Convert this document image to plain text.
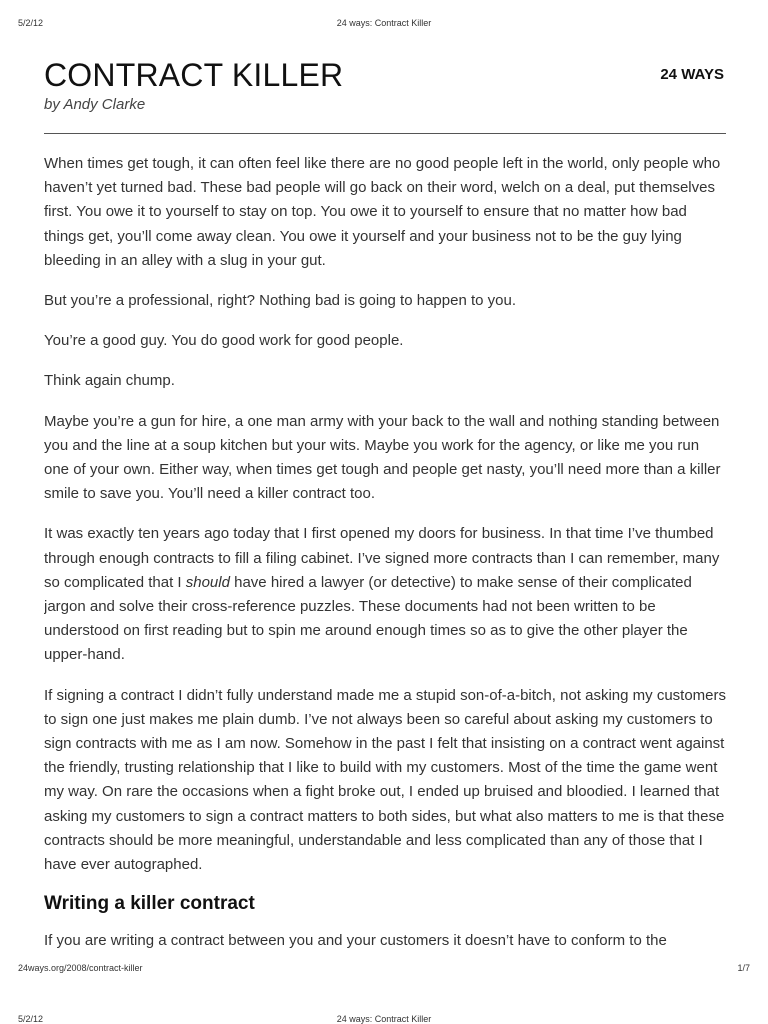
24 ways: Contract Killer
5/2/12
CONTRACT KILLER
by Andy Clarke
24 WAYS

When times get tough, it can often feel like there are no good people left in the world, only people who haven’t yet turned bad. These bad people will go back on their word, welch on a deal, put themselves first. You owe it to yourself to stay on top. You owe it to yourself to ensure that no matter how bad things get, you’ll come away clean. You owe it yourself and your business not to be the guy lying bleeding in an alley with a slug in your gut.

But you’re a professional, right? Nothing bad is going to happen to you.

You’re a good guy. You do good work for good people.

Think again chump.

Maybe you’re a gun for hire, a one man army with your back to the wall and nothing standing between you and the line at a soup kitchen but your wits. Maybe you work for the agency, or like me you run one of your own. Either way, when times get tough and people get nasty, you’ll need more than a killer smile to save you. You’ll need a killer contract too.

It was exactly ten years ago today that I first opened my doors for business. In that time I’ve thumbed through enough contracts to fill a filing cabinet. I’ve signed more contracts than I can remember, many so complicated that I should have hired a lawyer (or detective) to make sense of their complicated jargon and solve their cross-reference puzzles. These documents had not been written to be understood on first reading but to spin me around enough times so as to give the other player the upper-hand.

If signing a contract I didn’t fully understand made me a stupid son-of-a-bitch, not asking my customers to sign one just makes me plain dumb. I’ve not always been so careful about asking my customers to sign contracts with me as I am now. Somehow in the past I felt that insisting on a contract went against the friendly, trusting relationship that I like to build with my customers. Most of the time the game went my way. On rare the occasions when a fight broke out, I ended up bruised and bloodied. I learned that asking my customers to sign a contract matters to both sides, but what also matters to me is that these contracts should be more meaningful, understandable and less complicated than any of those that I have ever autographed.

Writing a killer contract

If you are writing a contract between you and your customers it doesn’t have to conform to the

24ways.org/2008/contract-killer	1/7
24 ways: Contract Killer
5/2/12
